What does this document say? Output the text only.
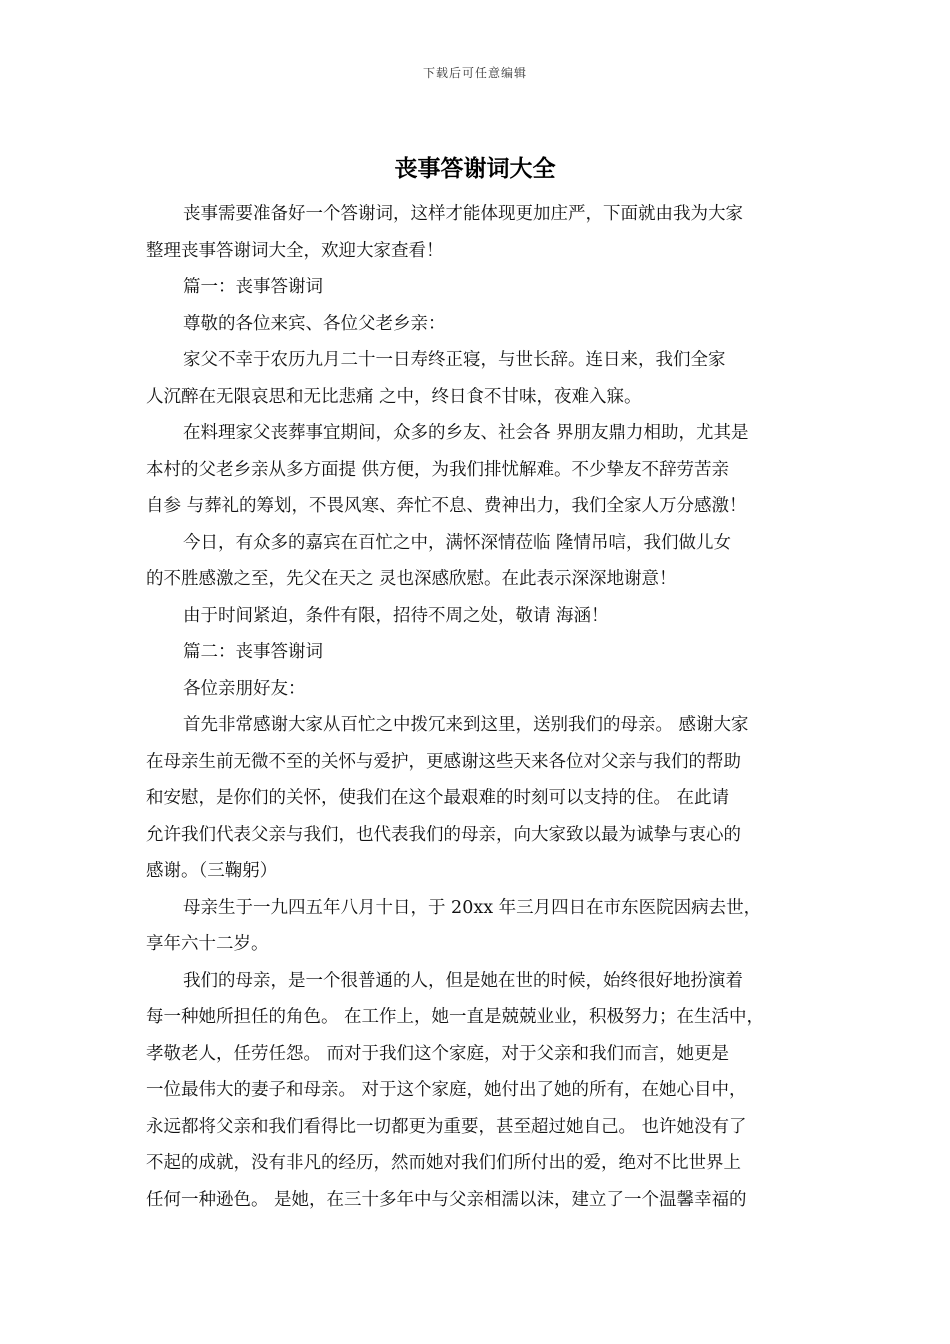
下载后可任意编辑
丧事答谢词大全
丧事需要准备好一个答谢词，这样才能体现更加庄严，下面就由我为大家
整理丧事答谢词大全，欢迎大家查看！
篇一：丧事答谢词
尊敬的各位来宾、各位父老乡亲：
家父不幸于农历九月二十一日寿终正寝，与世长辞。连日来，我们全家
人沉醉在无限哀思和无比悲痛 之中，终日食不甘味，夜难入寐。
在料理家父丧葬事宜期间，众多的乡友、社会各 界朋友鼎力相助，尤其是
本村的父老乡亲从多方面提 供方便，为我们排忧解难。不少挚友不辞劳苦亲
自参 与葬礼的筹划，不畏风寒、奔忙不息、费神出力，我们全家人万分感激！
今日，有众多的嘉宾在百忙之中，满怀深情莅临 隆情吊唁，我们做儿女
的不胜感激之至，先父在天之 灵也深感欣慰。在此表示深深地谢意！
由于时间紧迫，条件有限，招待不周之处，敬请 海涵！
篇二：丧事答谢词
各位亲朋好友：
首先非常感谢大家从百忙之中拨冗来到这里，送别我们的母亲。 感谢大家
在母亲生前无微不至的关怀与爱护，更感谢这些天来各位对父亲与我们的帮助
和安慰，是你们的关怀，使我们在这个最艰难的时刻可以支持的住。 在此请
允许我们代表父亲与我们，也代表我们的母亲，向大家致以最为诚挚与衷心的
感谢。（三鞠躬）
母亲生于一九四五年八月十日，于 20xx 年三月四日在市东医院因病去世，
享年六十二岁。
我们的母亲，是一个很普通的人，但是她在世的时候，始终很好地扮演着
每一种她所担任的角色。 在工作上，她一直是兢兢业业，积极努力；在生活中，
孝敬老人，任劳任怨。 而对于我们这个家庭，对于父亲和我们而言，她更是
一位最伟大的妻子和母亲。 对于这个家庭，她付出了她的所有，在她心目中，
永远都将父亲和我们看得比一切都更为重要，甚至超过她自己。 也许她没有了
不起的成就，没有非凡的经历，然而她对我们们所付出的爱，绝对不比世界上
任何一种逊色。 是她，在三十多年中与父亲相濡以沫，建立了一个温馨幸福的
